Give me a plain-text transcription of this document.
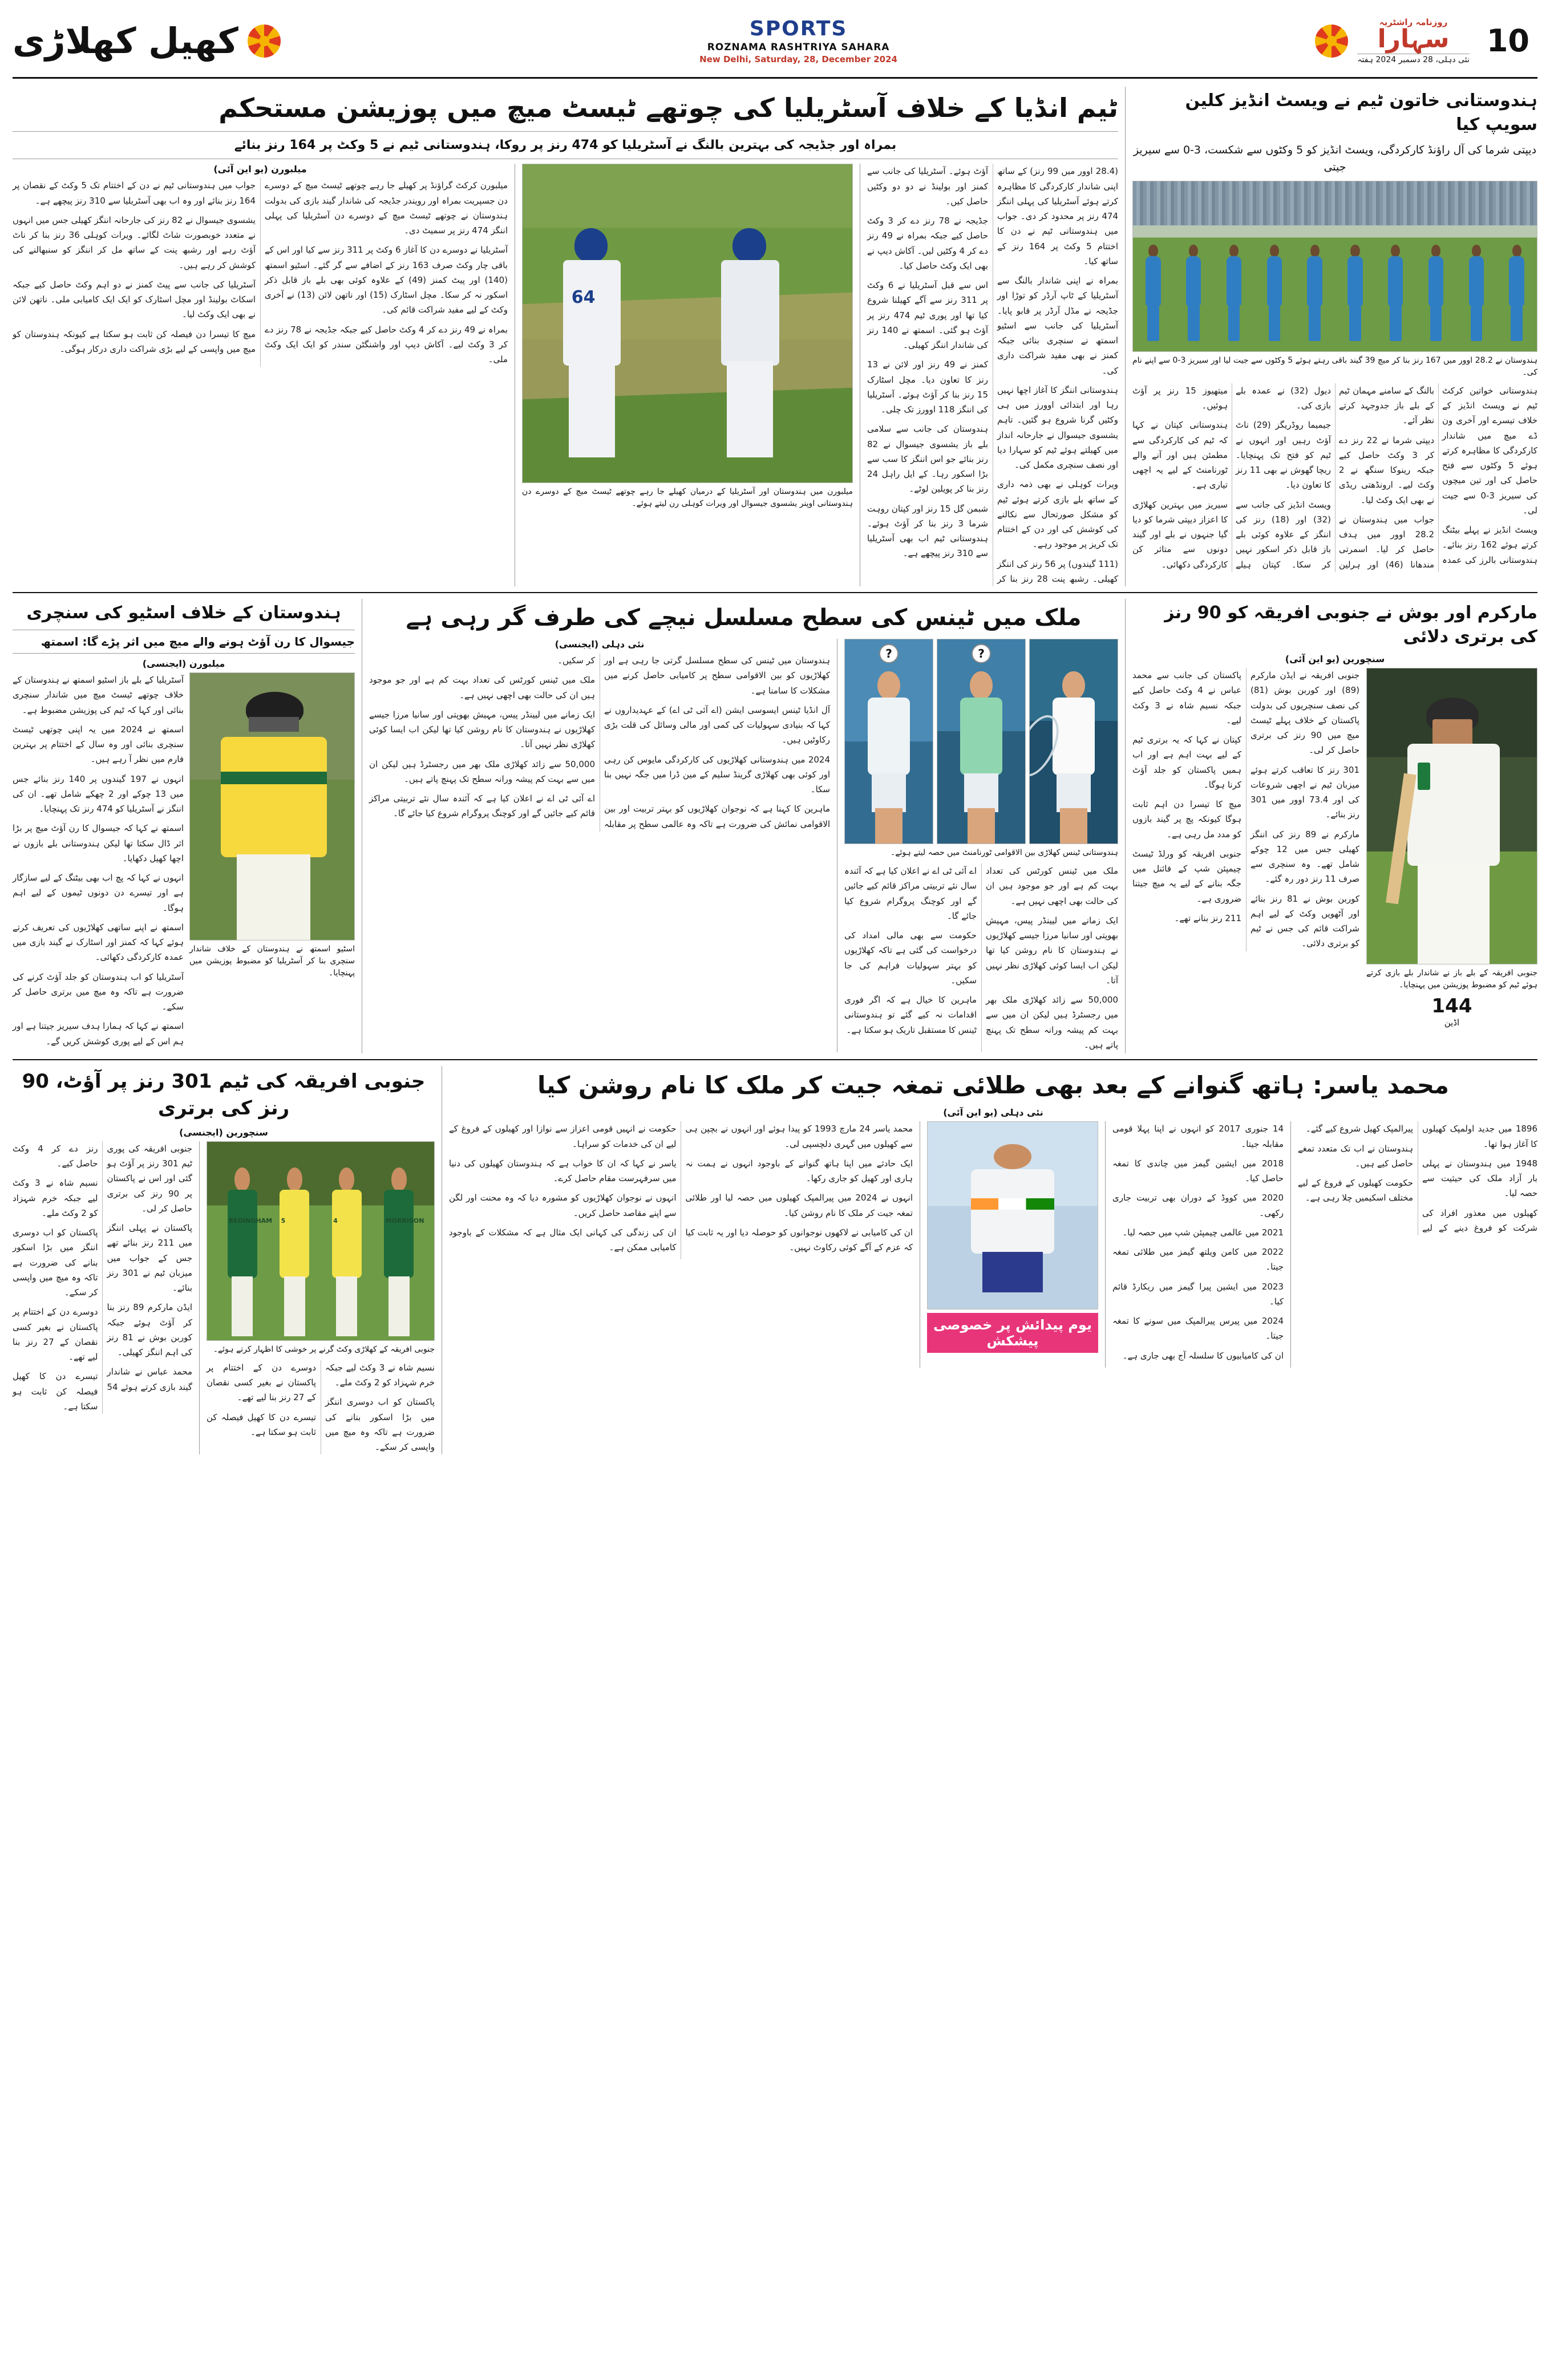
10
روزنامہ راشٹریہ
سہارا
نئی دہلی، 28 دسمبر 2024 ہفتہ
SPORTS
ROZNAMA RASHTRIYA SAHARA
New Delhi, Saturday, 28, December 2024
کھیل کھلاڑی
ہندوستانی خاتون ٹیم نے ویسٹ انڈیز کلین سویپ کیا
دیپتی شرما کی آل راؤنڈ کارکردگی، ویسٹ انڈیز کو 5 وکٹوں سے شکست، 3-0 سے سیریز جیتی
ہندوستان نے 28.2 اوور میں 167 رنز بنا کر میچ 39 گیند باقی رہتے ہوئے 5 وکٹوں سے جیت لیا اور سیریز 3-0 سے اپنے نام کی۔

ہندوستانی خواتین کرکٹ ٹیم نے ویسٹ انڈیز کے خلاف تیسرے اور آخری ون ڈے میچ میں شاندار کارکردگی کا مظاہرہ کرتے ہوئے 5 وکٹوں سے فتح حاصل کی اور تین میچوں کی سیریز 3-0 سے جیت لی۔

ویسٹ انڈیز نے پہلے بیٹنگ کرتے ہوئے 162 رنز بنائے۔ ہندوستانی بالرز کی عمدہ بالنگ کے سامنے مہمان ٹیم کے بلے باز جدوجہد کرتے نظر آئے۔

دیپتی شرما نے 22 رنز دے کر 3 وکٹ حاصل کیے جبکہ رینوکا سنگھ نے 2 وکٹ لیے۔ ارونڈھتی ریڈی نے بھی ایک وکٹ لیا۔

جواب میں ہندوستان نے 28.2 اوور میں ہدف حاصل کر لیا۔ اسمرتی مندھانا (46) اور ہرلین دیول (32) نے عمدہ بلے بازی کی۔

جیمیما روڈریگز (29) ناٹ آؤٹ رہیں اور انہوں نے ٹیم کو فتح تک پہنچایا۔ ریچا گھوش نے بھی 11 رنز کا تعاون دیا۔

ویسٹ انڈیز کی جانب سے (32) اور (18) رنز کی اننگز کے علاوہ کوئی بلے باز قابل ذکر اسکور نہیں کر سکا۔ کپتان ہیلے میتھیوز 15 رنز پر آؤٹ ہوئیں۔

ہندوستانی کپتان نے کہا کہ ٹیم کی کارکردگی سے مطمئن ہیں اور آنے والے ٹورنامنٹ کے لیے یہ اچھی تیاری ہے۔

سیریز میں بہترین کھلاڑی کا اعزاز دیپتی شرما کو دیا گیا جنہوں نے بلے اور گیند دونوں سے متاثر کن کارکردگی دکھائی۔

ٹیم انڈیا کے خلاف آسٹریلیا کی چوتھے ٹیسٹ میچ میں پوزیشن مستحکم
بمراہ اور جڈیجہ کی بہترین بالنگ نے آسٹریلیا کو 474 رنز پر روکا، ہندوستانی ٹیم نے 5 وکٹ پر 164 رنز بنائے

(28.4 اوور میں 99 رنز) کے ساتھ اپنی شاندار کارکردگی کا مظاہرہ کرتے ہوئے آسٹریلیا کی پہلی اننگز 474 رنز پر محدود کر دی۔ جواب میں ہندوستانی ٹیم نے دن کا اختتام 5 وکٹ پر 164 رنز کے ساتھ کیا۔

بمراہ نے اپنی شاندار بالنگ سے آسٹریلیا کے ٹاپ آرڈر کو توڑا اور جڈیجہ نے مڈل آرڈر پر قابو پایا۔ آسٹریلیا کی جانب سے اسٹیو اسمتھ نے سنچری بنائی جبکہ کمنز نے بھی مفید شراکت داری کی۔

ہندوستانی اننگز کا آغاز اچھا نہیں رہا اور ابتدائی اوورز میں ہی وکٹیں گرنا شروع ہو گئیں۔ تاہم یشسوی جیسوال نے جارحانہ انداز میں کھیلتے ہوئے ٹیم کو سہارا دیا اور نصف سنچری مکمل کی۔

ویرات کوہلی نے بھی ذمہ داری کے ساتھ بلے بازی کرتے ہوئے ٹیم کو مشکل صورتحال سے نکالنے کی کوشش کی اور دن کے اختتام تک کریز پر موجود رہے۔

(111 گیندوں) پر 56 رنز کی اننگز کھیلی۔ رشبھ پنت 28 رنز بنا کر آؤٹ ہوئے۔ آسٹریلیا کی جانب سے کمنز اور بولینڈ نے دو دو وکٹیں حاصل کیں۔

جڈیجہ نے 78 رنز دے کر 3 وکٹ حاصل کیے جبکہ بمراہ نے 49 رنز دے کر 4 وکٹیں لیں۔ آکاش دیپ نے بھی ایک وکٹ حاصل کیا۔

اس سے قبل آسٹریلیا نے 6 وکٹ پر 311 رنز سے آگے کھیلنا شروع کیا تھا اور پوری ٹیم 474 رنز پر آؤٹ ہو گئی۔ اسمتھ نے 140 رنز کی شاندار اننگز کھیلی۔

کمنز نے 49 رنز اور لائن نے 13 رنز کا تعاون دیا۔ مچل اسٹارک 15 رنز بنا کر آؤٹ ہوئے۔ آسٹریلیا کی اننگز 118 اوورز تک چلی۔

ہندوستان کی جانب سے سلامی بلے باز یشسوی جیسوال نے 82 رنز بنائے جو اس اننگز کا سب سے بڑا اسکور رہا۔ کے ایل راہل 24 رنز بنا کر پویلین لوٹے۔

شبمن گل 15 رنز اور کپتان روہت شرما 3 رنز بنا کر آؤٹ ہوئے۔ ہندوستانی ٹیم اب بھی آسٹریلیا سے 310 رنز پیچھے ہے۔

64
میلبورن میں ہندوستان اور آسٹریلیا کے درمیان کھیلے جا رہے چوتھے ٹیسٹ میچ کے دوسرے دن ہندوستانی اوپنر یشسوی جیسوال اور ویرات کوہلی رن لیتے ہوئے۔
میلبورن (یو این آئی)

میلبورن کرکٹ گراؤنڈ پر کھیلے جا رہے چوتھے ٹیسٹ میچ کے دوسرے دن جسپریت بمراہ اور رویندر جڈیجہ کی شاندار گیند بازی کی بدولت ہندوستان نے چوتھے ٹیسٹ میچ کے دوسرے دن آسٹریلیا کی پہلی اننگز 474 رنز پر سمیٹ دی۔

آسٹریلیا نے دوسرے دن کا آغاز 6 وکٹ پر 311 رنز سے کیا اور اس کے باقی چار وکٹ صرف 163 رنز کے اضافے سے گر گئے۔ اسٹیو اسمتھ (140) اور پیٹ کمنز (49) کے علاوہ کوئی بھی بلے باز قابل ذکر اسکور نہ کر سکا۔ مچل اسٹارک (15) اور ناتھن لائن (13) نے آخری وکٹ کے لیے مفید شراکت قائم کی۔

بمراہ نے 49 رنز دے کر 4 وکٹ حاصل کیے جبکہ جڈیجہ نے 78 رنز دے کر 3 وکٹ لیے۔ آکاش دیپ اور واشنگٹن سندر کو ایک ایک وکٹ ملی۔

جواب میں ہندوستانی ٹیم نے دن کے اختتام تک 5 وکٹ کے نقصان پر 164 رنز بنائے اور وہ اب بھی آسٹریلیا سے 310 رنز پیچھے ہے۔

یشسوی جیسوال نے 82 رنز کی جارحانہ اننگز کھیلی جس میں انہوں نے متعدد خوبصورت شاٹ لگائے۔ ویرات کوہلی 36 رنز بنا کر ناٹ آؤٹ رہے اور رشبھ پنت کے ساتھ مل کر اننگز کو سنبھالنے کی کوشش کر رہے ہیں۔

آسٹریلیا کی جانب سے پیٹ کمنز نے دو اہم وکٹ حاصل کیے جبکہ اسکاٹ بولینڈ اور مچل اسٹارک کو ایک ایک کامیابی ملی۔ ناتھن لائن نے بھی ایک وکٹ لیا۔

میچ کا تیسرا دن فیصلہ کن ثابت ہو سکتا ہے کیونکہ ہندوستان کو میچ میں واپسی کے لیے بڑی شراکت داری درکار ہوگی۔

مارکرم اور بوش نے جنوبی افریقہ کو 90 رنز کی برتری دلائی
سنچورین (یو این آئی)
جنوبی افریقہ کے بلے باز نے شاندار بلے بازی کرتے ہوئے ٹیم کو مضبوط پوزیشن میں پہنچایا۔
144
اڈین

جنوبی افریقہ نے ایڈن مارکرم (89) اور کوربن بوش (81) کی نصف سنچریوں کی بدولت پاکستان کے خلاف پہلے ٹیسٹ میچ میں 90 رنز کی برتری حاصل کر لی۔

301 رنز کا تعاقب کرتے ہوئے میزبان ٹیم نے اچھی شروعات کی اور 73.4 اوور میں 301 رنز بنائے۔

مارکرم نے 89 رنز کی اننگز کھیلی جس میں 12 چوکے شامل تھے۔ وہ سنچری سے صرف 11 رنز دور رہ گئے۔

کوربن بوش نے 81 رنز بنائے اور آٹھویں وکٹ کے لیے اہم شراکت قائم کی جس نے ٹیم کو برتری دلائی۔

پاکستان کی جانب سے محمد عباس نے 4 وکٹ حاصل کیے جبکہ نسیم شاہ نے 3 وکٹ لیے۔

کپتان نے کہا کہ یہ برتری ٹیم کے لیے بہت اہم ہے اور اب ہمیں پاکستان کو جلد آؤٹ کرنا ہوگا۔

میچ کا تیسرا دن اہم ثابت ہوگا کیونکہ پچ پر گیند بازوں کو مدد مل رہی ہے۔

جنوبی افریقہ کو ورلڈ ٹیسٹ چیمپئن شپ کے فائنل میں جگہ بنانے کے لیے یہ میچ جیتنا ضروری ہے۔

211 رنز بنانے تھے۔

ملک میں ٹینس کی سطح مسلسل نیچے کی طرف گر رہی ہے
?
?
ہندوستانی ٹینس کھلاڑی بین الاقوامی ٹورنامنٹ میں حصہ لیتے ہوئے۔

ملک میں ٹینس کورٹس کی تعداد بہت کم ہے اور جو موجود ہیں ان کی حالت بھی اچھی نہیں ہے۔

ایک زمانے میں لیینڈر پیس، مہیش بھوپتی اور سانیا مرزا جیسے کھلاڑیوں نے ہندوستان کا نام روشن کیا تھا لیکن اب ایسا کوئی کھلاڑی نظر نہیں آتا۔

50,000 سے زائد کھلاڑی ملک بھر میں رجسٹرڈ ہیں لیکن ان میں سے بہت کم پیشہ ورانہ سطح تک پہنچ پاتے ہیں۔

اے آئی ٹی اے نے اعلان کیا ہے کہ آئندہ سال نئے تربیتی مراکز قائم کیے جائیں گے اور کوچنگ پروگرام شروع کیا جائے گا۔

حکومت سے بھی مالی امداد کی درخواست کی گئی ہے تاکہ کھلاڑیوں کو بہتر سہولیات فراہم کی جا سکیں۔

ماہرین کا خیال ہے کہ اگر فوری اقدامات نہ کیے گئے تو ہندوستانی ٹینس کا مستقبل تاریک ہو سکتا ہے۔

نئی دہلی (ایجنسی)

ہندوستان میں ٹینس کی سطح مسلسل گرتی جا رہی ہے اور کھلاڑیوں کو بین الاقوامی سطح پر کامیابی حاصل کرنے میں مشکلات کا سامنا ہے۔

آل انڈیا ٹینس ایسوسی ایشن (اے آئی ٹی اے) کے عہدیداروں نے کہا کہ بنیادی سہولیات کی کمی اور مالی وسائل کی قلت بڑی رکاوٹیں ہیں۔

2024 میں ہندوستانی کھلاڑیوں کی کارکردگی مایوس کن رہی اور کوئی بھی کھلاڑی گرینڈ سلیم کے مین ڈرا میں جگہ نہیں بنا سکا۔

ماہرین کا کہنا ہے کہ نوجوان کھلاڑیوں کو بہتر تربیت اور بین الاقوامی نمائش کی ضرورت ہے تاکہ وہ عالمی سطح پر مقابلہ کر سکیں۔

ملک میں ٹینس کورٹس کی تعداد بہت کم ہے اور جو موجود ہیں ان کی حالت بھی اچھی نہیں ہے۔

ایک زمانے میں لیینڈر پیس، مہیش بھوپتی اور سانیا مرزا جیسے کھلاڑیوں نے ہندوستان کا نام روشن کیا تھا لیکن اب ایسا کوئی کھلاڑی نظر نہیں آتا۔

50,000 سے زائد کھلاڑی ملک بھر میں رجسٹرڈ ہیں لیکن ان میں سے بہت کم پیشہ ورانہ سطح تک پہنچ پاتے ہیں۔

اے آئی ٹی اے نے اعلان کیا ہے کہ آئندہ سال نئے تربیتی مراکز قائم کیے جائیں گے اور کوچنگ پروگرام شروع کیا جائے گا۔

ہندوستان کے خلاف اسٹیو کی سنچری
جیسوال کا رن آؤٹ ہونے والے میچ میں اثر پڑے گا: اسمتھ
میلبورن (ایجنسی)
اسٹیو اسمتھ نے ہندوستان کے خلاف شاندار سنچری بنا کر آسٹریلیا کو مضبوط پوزیشن میں پہنچایا۔

آسٹریلیا کے بلے باز اسٹیو اسمتھ نے ہندوستان کے خلاف چوتھے ٹیسٹ میچ میں شاندار سنچری بنائی اور کہا کہ ٹیم کی پوزیشن مضبوط ہے۔

اسمتھ نے 2024 میں یہ اپنی چوتھی ٹیسٹ سنچری بنائی اور وہ سال کے اختتام پر بہترین فارم میں نظر آ رہے ہیں۔

انہوں نے 197 گیندوں پر 140 رنز بنائے جس میں 13 چوکے اور 2 چھکے شامل تھے۔ ان کی اننگز نے آسٹریلیا کو 474 رنز تک پہنچایا۔

اسمتھ نے کہا کہ جیسوال کا رن آؤٹ میچ پر بڑا اثر ڈال سکتا تھا لیکن ہندوستانی بلے بازوں نے اچھا کھیل دکھایا۔

انہوں نے کہا کہ پچ اب بھی بیٹنگ کے لیے سازگار ہے اور تیسرے دن دونوں ٹیموں کے لیے اہم ہوگا۔

اسمتھ نے اپنے ساتھی کھلاڑیوں کی تعریف کرتے ہوئے کہا کہ کمنز اور اسٹارک نے گیند بازی میں عمدہ کارکردگی دکھائی۔

آسٹریلیا کو اب ہندوستان کو جلد آؤٹ کرنے کی ضرورت ہے تاکہ وہ میچ میں برتری حاصل کر سکے۔

اسمتھ نے کہا کہ ہمارا ہدف سیریز جیتنا ہے اور ہم اس کے لیے پوری کوشش کریں گے۔

محمد یاسر: ہاتھ گنوانے کے بعد بھی طلائی تمغہ جیت کر ملک کا نام روشن کیا
نئی دہلی (یو این آئی)

1896 میں جدید اولمپک کھیلوں کا آغاز ہوا تھا۔

1948 میں ہندوستان نے پہلی بار آزاد ملک کی حیثیت سے حصہ لیا۔

کھیلوں میں معذور افراد کی شرکت کو فروغ دینے کے لیے پیرالمپک کھیل شروع کیے گئے۔

ہندوستان نے اب تک متعدد تمغے حاصل کیے ہیں۔

حکومت کھیلوں کے فروغ کے لیے مختلف اسکیمیں چلا رہی ہے۔

14 جنوری 2017 کو انہوں نے اپنا پہلا قومی مقابلہ جیتا۔

2018 میں ایشین گیمز میں چاندی کا تمغہ حاصل کیا۔

2020 میں کووڈ کے دوران بھی تربیت جاری رکھی۔

2021 میں عالمی چیمپئن شپ میں حصہ لیا۔

2022 میں کامن ویلتھ گیمز میں طلائی تمغہ جیتا۔

2023 میں ایشین پیرا گیمز میں ریکارڈ قائم کیا۔

2024 میں پیرس پیرالمپک میں سونے کا تمغہ جیتا۔

ان کی کامیابیوں کا سلسلہ آج بھی جاری ہے۔

یوم پیدائش پر خصوصی پیشکش

محمد یاسر 24 مارچ 1993 کو پیدا ہوئے اور انہوں نے بچپن ہی سے کھیلوں میں گہری دلچسپی لی۔

ایک حادثے میں اپنا ہاتھ گنوانے کے باوجود انہوں نے ہمت نہ ہاری اور کھیل کو جاری رکھا۔

انہوں نے 2024 میں پیرالمپک کھیلوں میں حصہ لیا اور طلائی تمغہ جیت کر ملک کا نام روشن کیا۔

ان کی کامیابی نے لاکھوں نوجوانوں کو حوصلہ دیا اور یہ ثابت کیا کہ عزم کے آگے کوئی رکاوٹ نہیں۔

حکومت نے انہیں قومی اعزاز سے نوازا اور کھیلوں کے فروغ کے لیے ان کی خدمات کو سراہا۔

یاسر نے کہا کہ ان کا خواب ہے کہ ہندوستان کھیلوں کی دنیا میں سرفہرست مقام حاصل کرے۔

انہوں نے نوجوان کھلاڑیوں کو مشورہ دیا کہ وہ محنت اور لگن سے اپنے مقاصد حاصل کریں۔

ان کی زندگی کی کہانی ایک مثال ہے کہ مشکلات کے باوجود کامیابی ممکن ہے۔

جنوبی افریقہ کی ٹیم 301 رنز پر آؤٹ، 90 رنز کی برتری
سنچورین (ایجنسی)
MORRISON
4
5
BEDINGHAM
جنوبی افریقہ کے کھلاڑی وکٹ گرنے پر خوشی کا اظہار کرتے ہوئے۔

نسیم شاہ نے 3 وکٹ لیے جبکہ خرم شہزاد کو 2 وکٹ ملے۔

پاکستان کو اب دوسری اننگز میں بڑا اسکور بنانے کی ضرورت ہے تاکہ وہ میچ میں واپسی کر سکے۔

دوسرے دن کے اختتام پر پاکستان نے بغیر کسی نقصان کے 27 رنز بنا لیے تھے۔

تیسرے دن کا کھیل فیصلہ کن ثابت ہو سکتا ہے۔

جنوبی افریقہ کی پوری ٹیم 301 رنز پر آؤٹ ہو گئی اور اس نے پاکستان پر 90 رنز کی برتری حاصل کر لی۔

پاکستان نے پہلی اننگز میں 211 رنز بنائے تھے جس کے جواب میں میزبان ٹیم نے 301 رنز بنائے۔

ایڈن مارکرم 89 رنز بنا کر آؤٹ ہوئے جبکہ کوربن بوش نے 81 رنز کی اہم اننگز کھیلی۔

محمد عباس نے شاندار گیند بازی کرتے ہوئے 54 رنز دے کر 4 وکٹ حاصل کیے۔

نسیم شاہ نے 3 وکٹ لیے جبکہ خرم شہزاد کو 2 وکٹ ملے۔

پاکستان کو اب دوسری اننگز میں بڑا اسکور بنانے کی ضرورت ہے تاکہ وہ میچ میں واپسی کر سکے۔

دوسرے دن کے اختتام پر پاکستان نے بغیر کسی نقصان کے 27 رنز بنا لیے تھے۔

تیسرے دن کا کھیل فیصلہ کن ثابت ہو سکتا ہے۔
